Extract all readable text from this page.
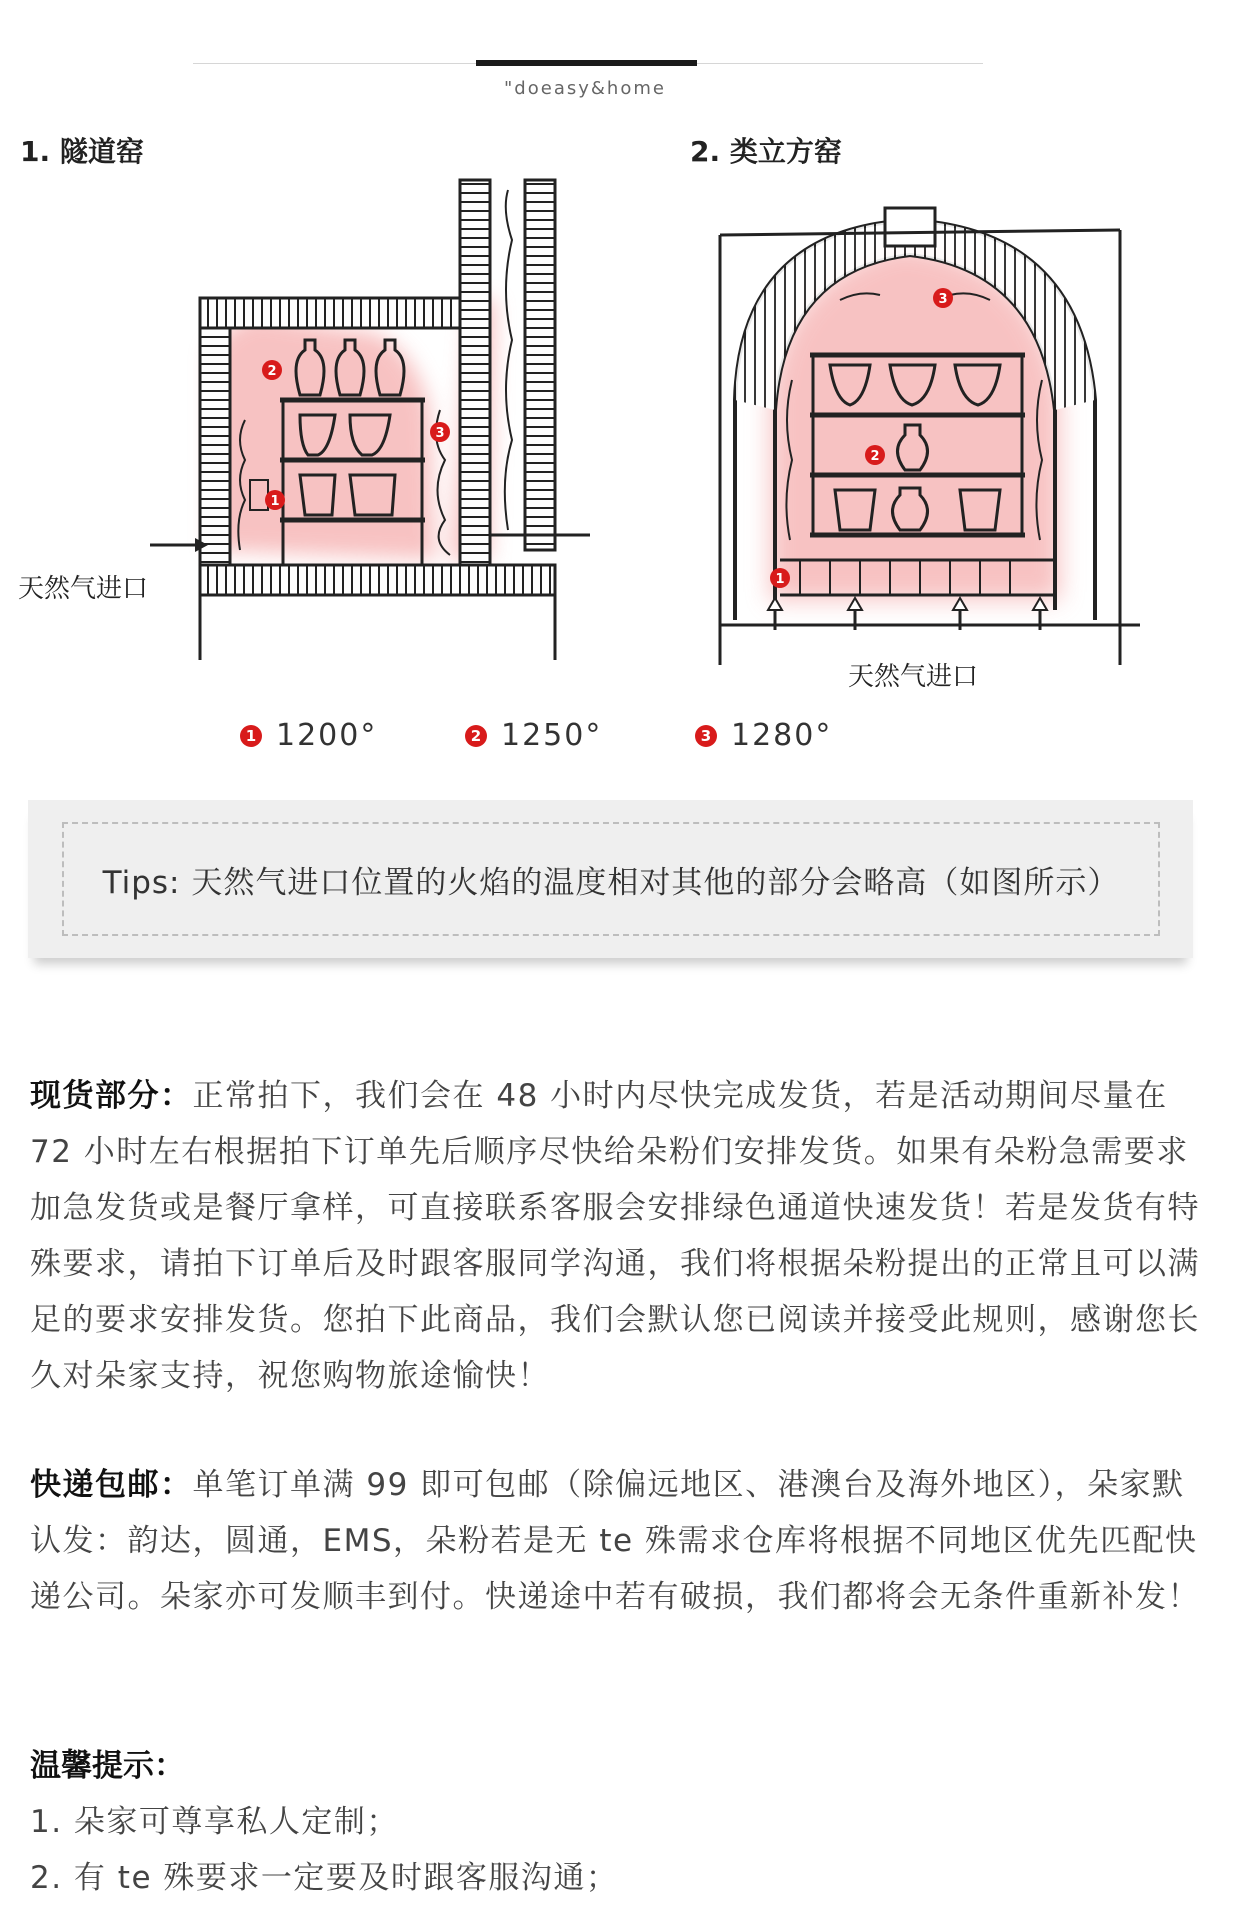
"doeasy&home
1. 隧道窑	2. 类立方窑
1
2
3
天然气进口	1
2
3
天然气进口
1 1200°	2 1250°	3 1280°
Tips: 天然气进口位置的火焰的温度相对其他的部分会略高（如图所示）

现货部分：正常拍下，我们会在 48 小时内尽快完成发货，若是活动期间尽量在 72 小时左右根据拍下订单先后顺序尽快给朵粉们安排发货。如果有朵粉急需要求加急发货或是餐厅拿样，可直接联系客服会安排绿色通道快速发货！若是发货有特殊要求，请拍下订单后及时跟客服同学沟通，我们将根据朵粉提出的正常且可以满足的要求安排发货。您拍下此商品，我们会默认您已阅读并接受此规则，感谢您长久对朵家支持，祝您购物旅途愉快！

快递包邮：单笔订单满 99 即可包邮（除偏远地区、港澳台及海外地区），朵家默认发：韵达，圆通，EMS，朵粉若是无 te 殊需求仓库将根据不同地区优先匹配快递公司。朵家亦可发顺丰到付。快递途中若有破损，我们都将会无条件重新补发！

温馨提示：
1. 朵家可尊享私人定制；
2. 有 te 殊要求一定要及时跟客服沟通；
